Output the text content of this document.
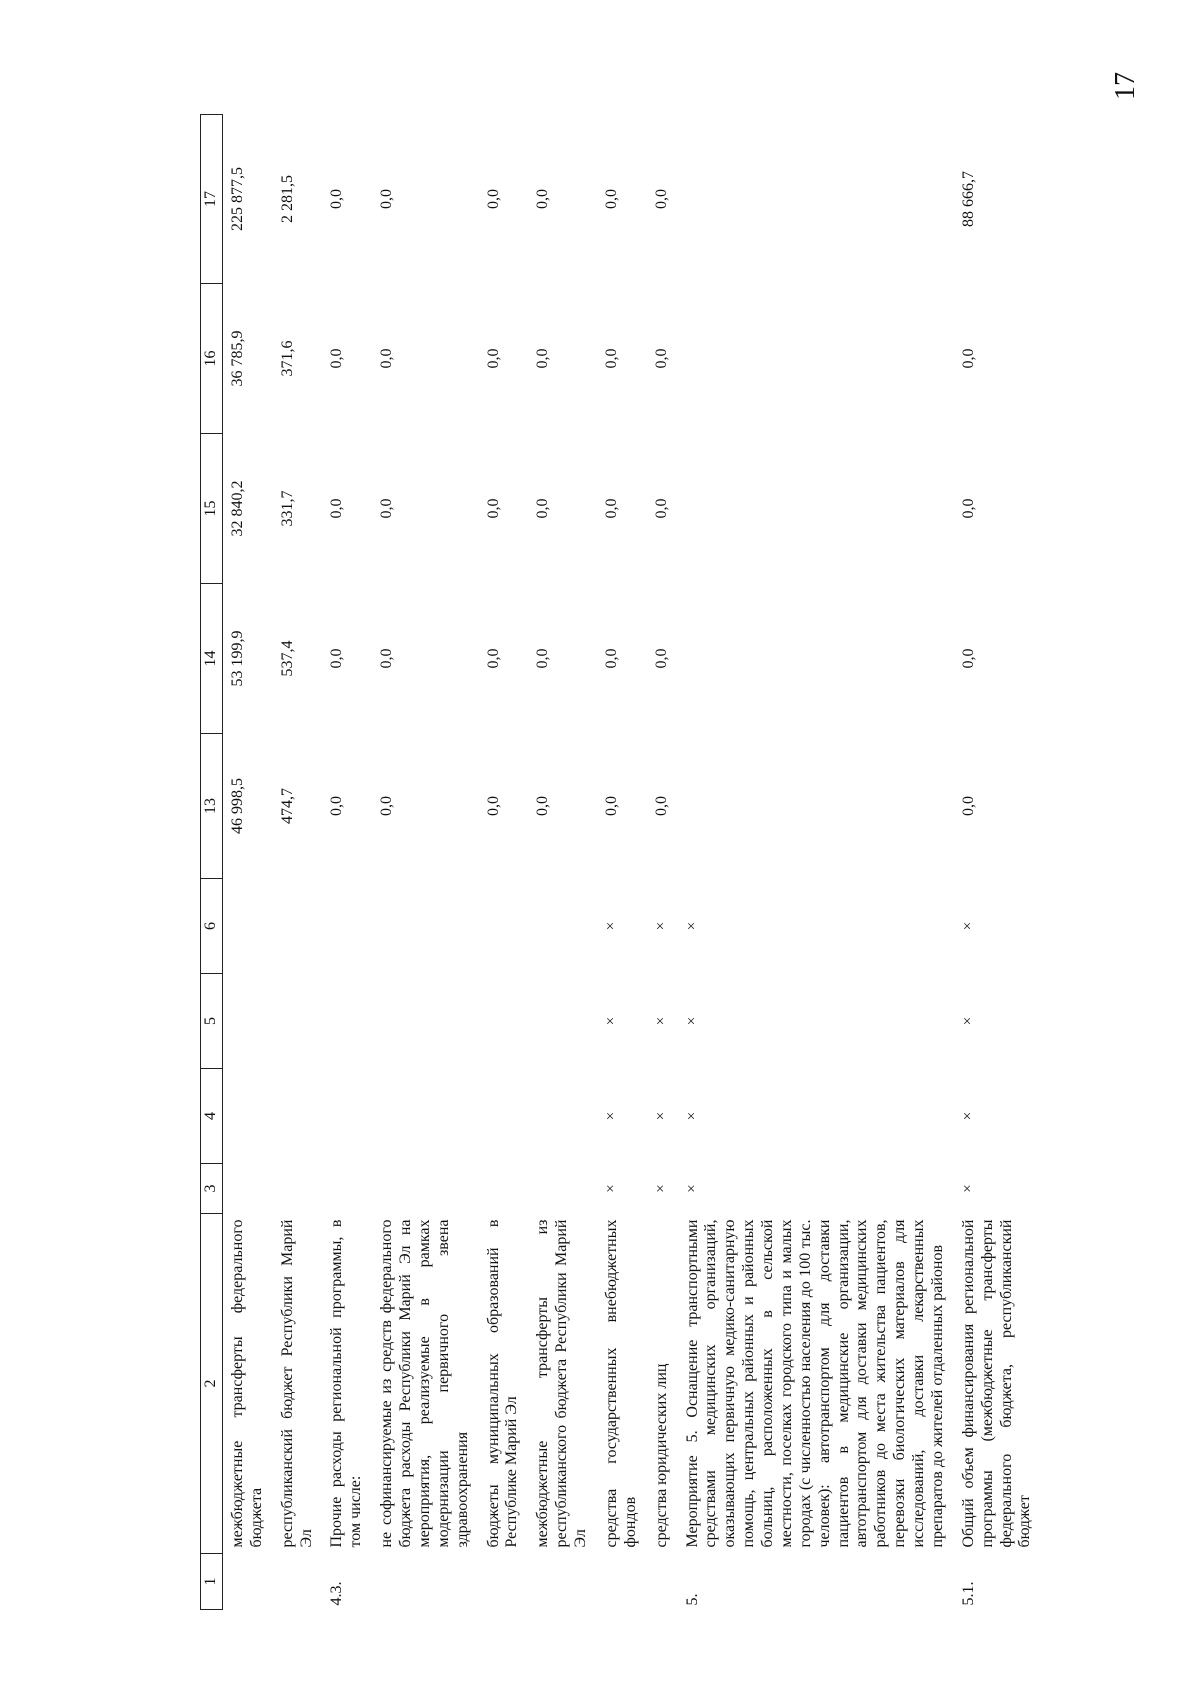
17
1	2	3	4	5	6	13	14	15	16	17
	межбюджетные трансферты федерального бюджета					46 998,5	53 199,9	32 840,2	36 785,9	225 877,5
	республиканский бюджет Республики Марий Эл					474,7	537,4	331,7	371,6	2 281,5
4.3.	Прочие расходы региональной программы, в том числе:					0,0	0,0	0,0	0,0	0,0
	не софинансируемые из средств федерального бюджета расходы Республики Марий Эл на мероприятия, реализуемые в рамках модернизации первичного звена здравоохранения					0,0	0,0	0,0	0,0	0,0
	бюджеты муниципальных образований в Республике Марий Эл					0,0	0,0	0,0	0,0	0,0
	межбюджетные трансферты из республиканского бюджета Республики Марий Эл					0,0	0,0	0,0	0,0	0,0
	средства государственных внебюджетных фондов	×	×	×	×	0,0	0,0	0,0	0,0	0,0
	средства юридических лиц	×	×	×	×	0,0	0,0	0,0	0,0	0,0
5.	Мероприятие 5. Оснащение транспортными средствами медицинских организаций, оказывающих первичную медико-санитарную помощь, центральных районных и районных больниц, расположенных в сельской местности, поселках городского типа и малых городах (с численностью населения до 100 тыс. человек): автотранспортом для доставки пациентов в медицинские организации, автотранспортом для доставки медицинских работников до места жительства пациентов, перевозки биологических материалов для исследований, доставки лекарственных препаратов до жителей отдаленных районов	×	×	×	×					
5.1.	Общий объем финансирования региональной программы (межбюджетные трансферты федерального бюджета, республиканский бюджет	×	×	×	×	0,0	0,0	0,0	0,0	88 666,7
